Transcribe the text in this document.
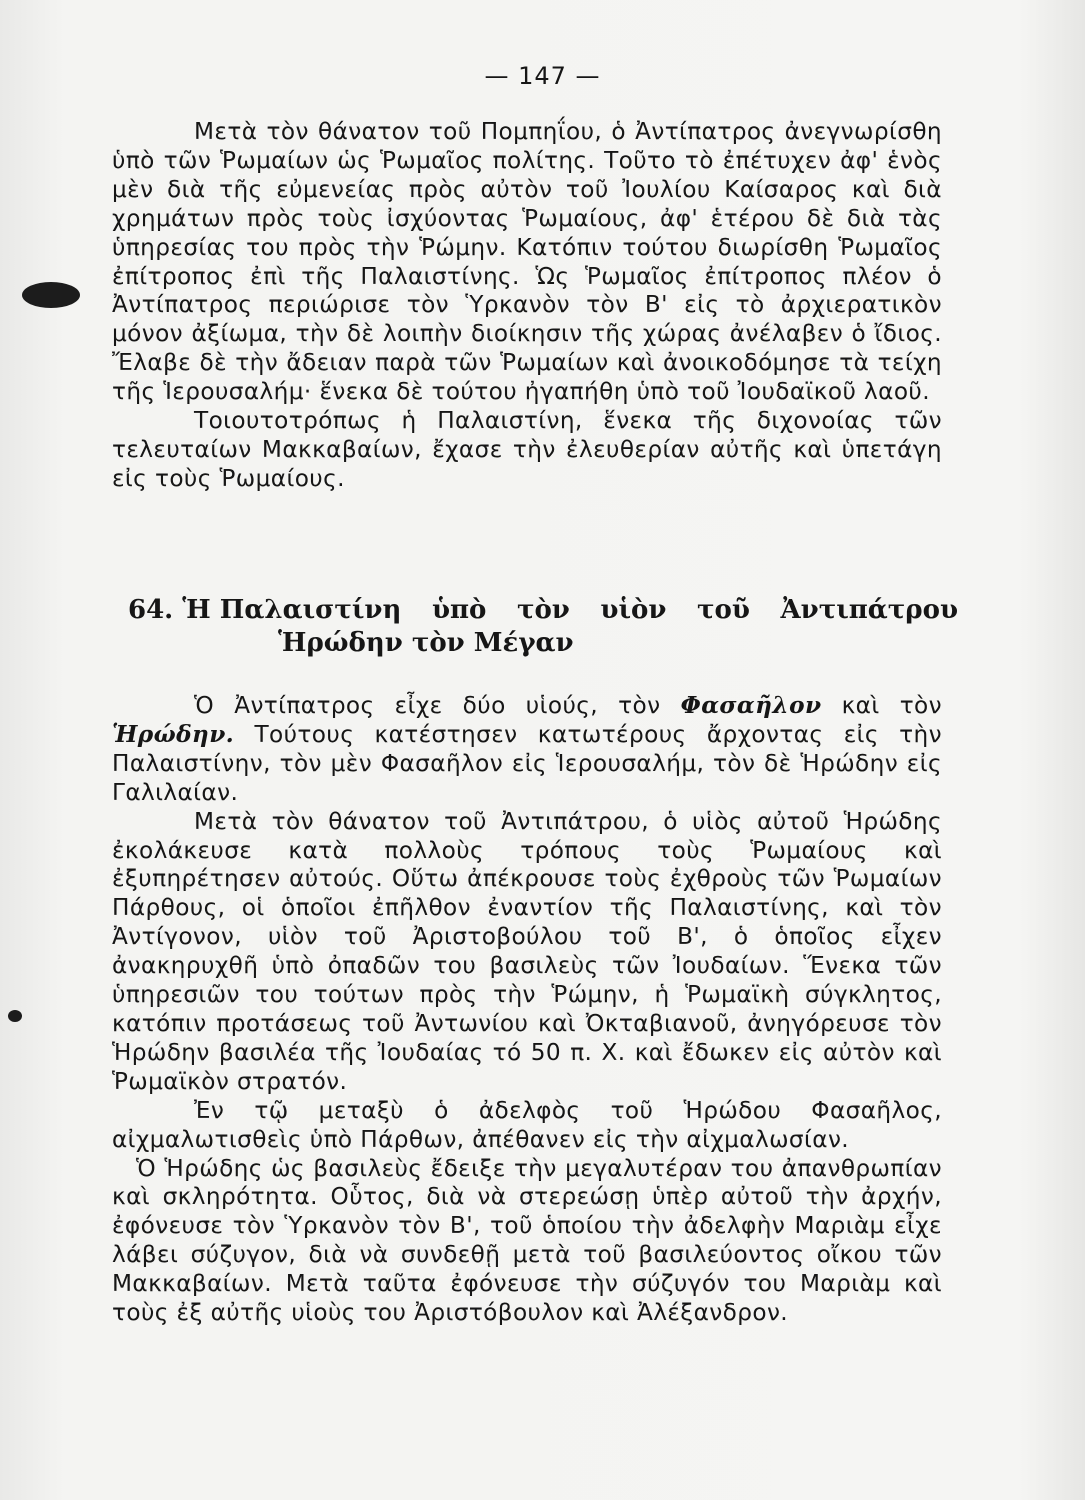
— 147 —

Μετὰ τὸν θάνατον τοῦ Πομπηΐου, ὁ Ἀντίπατρος ἀνεγνωρίσθη ὑπὸ τῶν Ῥωμαίων ὡς Ῥωμαῖος πολίτης. Τοῦτο τὸ ἐπέτυχεν ἀφ' ἑνὸς μὲν διὰ τῆς εὐμενείας πρὸς αὐτὸν τοῦ Ἰουλίου Καίσαρος καὶ διὰ χρημάτων πρὸς τοὺς ἰσχύοντας Ῥωμαίους, ἀφ' ἑτέρου δὲ διὰ τὰς ὑπηρεσίας του πρὸς τὴν Ῥώμην. Κατόπιν τούτου διωρίσθη Ῥωμαῖος ἐπίτροπος ἐπὶ τῆς Παλαιστίνης. Ὡς Ῥωμαῖος ἐπίτροπος πλέον ὁ Ἀντίπατρος περιώρισε τὸν Ὑρκανὸν τὸν Β' εἰς τὸ ἀρχιερατικὸν μόνον ἀξίωμα, τὴν δὲ λοιπὴν διοίκησιν τῆς χώρας ἀνέλαβεν ὁ ἴδιος. Ἔλαβε δὲ τὴν ἄδειαν παρὰ τῶν Ῥωμαίων καὶ ἀνοικοδόμησε τὰ τείχη τῆς Ἱερουσαλήμ· ἕνεκα δὲ τούτου ἠγαπήθη ὑπὸ τοῦ Ἰουδαϊκοῦ λαοῦ.

Τοιουτοτρόπως ἡ Παλαιστίνη, ἕνεκα τῆς διχονοίας τῶν τελευταίων Μακκαβαίων, ἔχασε τὴν ἐλευθερίαν αὐτῆς καὶ ὑπετάγη εἰς τοὺς Ῥωμαίους.

64. Ἡ Παλαιστίνη ὑπὸ τὸν υἱὸν τοῦ Ἀντιπάτρου
Ἡρώδην τὸν Μέγαν

Ὁ Ἀντίπατρος εἶχε δύο υἱούς, τὸν Φασαῆλον καὶ τὸν Ἡρώδην. Τούτους κατέστησεν κατωτέρους ἄρχοντας εἰς τὴν Παλαιστίνην, τὸν μὲν Φασαῆλον εἰς Ἱερουσαλήμ, τὸν δὲ Ἡρώδην εἰς Γαλιλαίαν.

Μετὰ τὸν θάνατον τοῦ Ἀντιπάτρου, ὁ υἱὸς αὐτοῦ Ἡρώδης ἐκολάκευσε κατὰ πολλοὺς τρόπους τοὺς Ῥωμαίους καὶ ἐξυπηρέτησεν αὐτούς. Οὕτω ἀπέκρουσε τοὺς ἐχθροὺς τῶν Ῥωμαίων Πάρθους, οἱ ὁποῖοι ἐπῆλθον ἐναντίον τῆς Παλαιστίνης, καὶ τὸν Ἀντίγονον, υἱὸν τοῦ Ἀριστοβούλου τοῦ Β', ὁ ὁποῖος εἶχεν ἀνακηρυχθῆ ὑπὸ ὀπαδῶν του βασιλεὺς τῶν Ἰουδαίων. Ἕνεκα τῶν ὑπηρεσιῶν του τούτων πρὸς τὴν Ῥώμην, ἡ Ῥωμαϊκὴ σύγκλητος, κατόπιν προτάσεως τοῦ Ἀντωνίου καὶ Ὀκταβιανοῦ, ἀνηγόρευσε τὸν Ἡρώδην βασιλέα τῆς Ἰουδαίας τό 50 π. Χ. καὶ ἔδωκεν εἰς αὐτὸν καὶ Ῥωμαϊκὸν στρατόν.

Ἐν τῷ μεταξὺ ὁ ἀδελφὸς τοῦ Ἡρώδου Φασαῆλος, αἰχμαλωτισθεὶς ὑπὸ Πάρθων, ἀπέθανεν εἰς τὴν αἰχμαλωσίαν.

Ὁ Ἡρώδης ὡς βασιλεὺς ἔδειξε τὴν μεγαλυτέραν του ἀπανθρωπίαν καὶ σκληρότητα. Οὗτος, διὰ νὰ στερεώσῃ ὑπὲρ αὐτοῦ τὴν ἀρχήν, ἐφόνευσε τὸν Ὑρκανὸν τὸν Β', τοῦ ὁποίου τὴν ἀδελφὴν Μαριὰμ εἶχε λάβει σύζυγον, διὰ νὰ συνδεθῇ μετὰ τοῦ βασιλεύοντος οἴκου τῶν Μακκαβαίων. Μετὰ ταῦτα ἐφόνευσε τὴν σύζυγόν του Μαριὰμ καὶ τοὺς ἐξ αὐτῆς υἱοὺς του Ἀριστόβουλον καὶ Ἀλέξανδρον.
